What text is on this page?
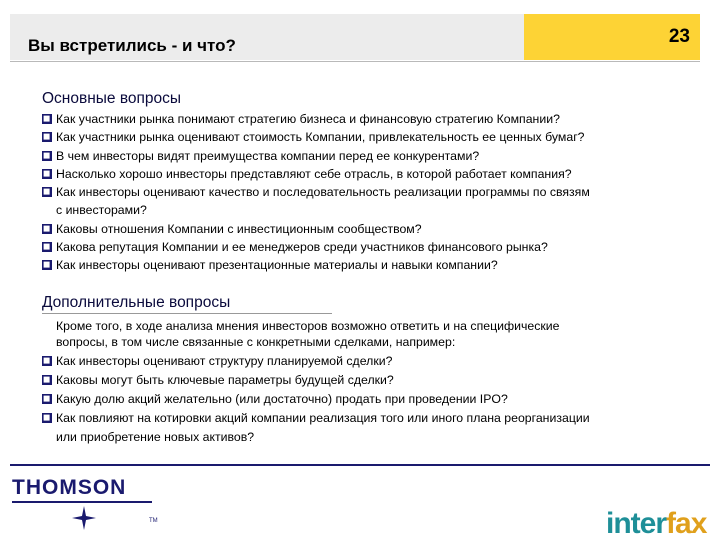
Вы встретились - и что?	23
Основные вопросы
Как участники рынка понимают стратегию бизнеса и финансовую стратегию Компании?
Как участники рынка оценивают стоимость Компании, привлекательность ее ценных бумаг?
В чем инвесторы видят преимущества компании перед ее конкурентами?
Насколько хорошо инвесторы представляют себе отрасль, в которой работает компания?
Как инвесторы оценивают качество и последовательность реализации программы по связям
с инвесторами?
Каковы отношения Компании с инвестиционным сообществом?
Какова репутация Компании и ее менеджеров среди участников финансового рынка?
Как инвесторы оценивают презентационные материалы и навыки компании?
Дополнительные вопросы
Кроме того, в ходе анализа мнения инвесторов возможно ответить и на специфические
вопросы, в том числе связанные с конкретными сделками, например:
Как инвесторы оценивают структуру планируемой сделки?
Каковы могут быть ключевые параметры будущей сделки?
Какую долю акций желательно (или достаточно) продать при проведении IPO?
Как повлияют на котировки акций компании реализация того или иного плана реорганизации
или приобретение новых активов?
THOMSON
TM	interfax
